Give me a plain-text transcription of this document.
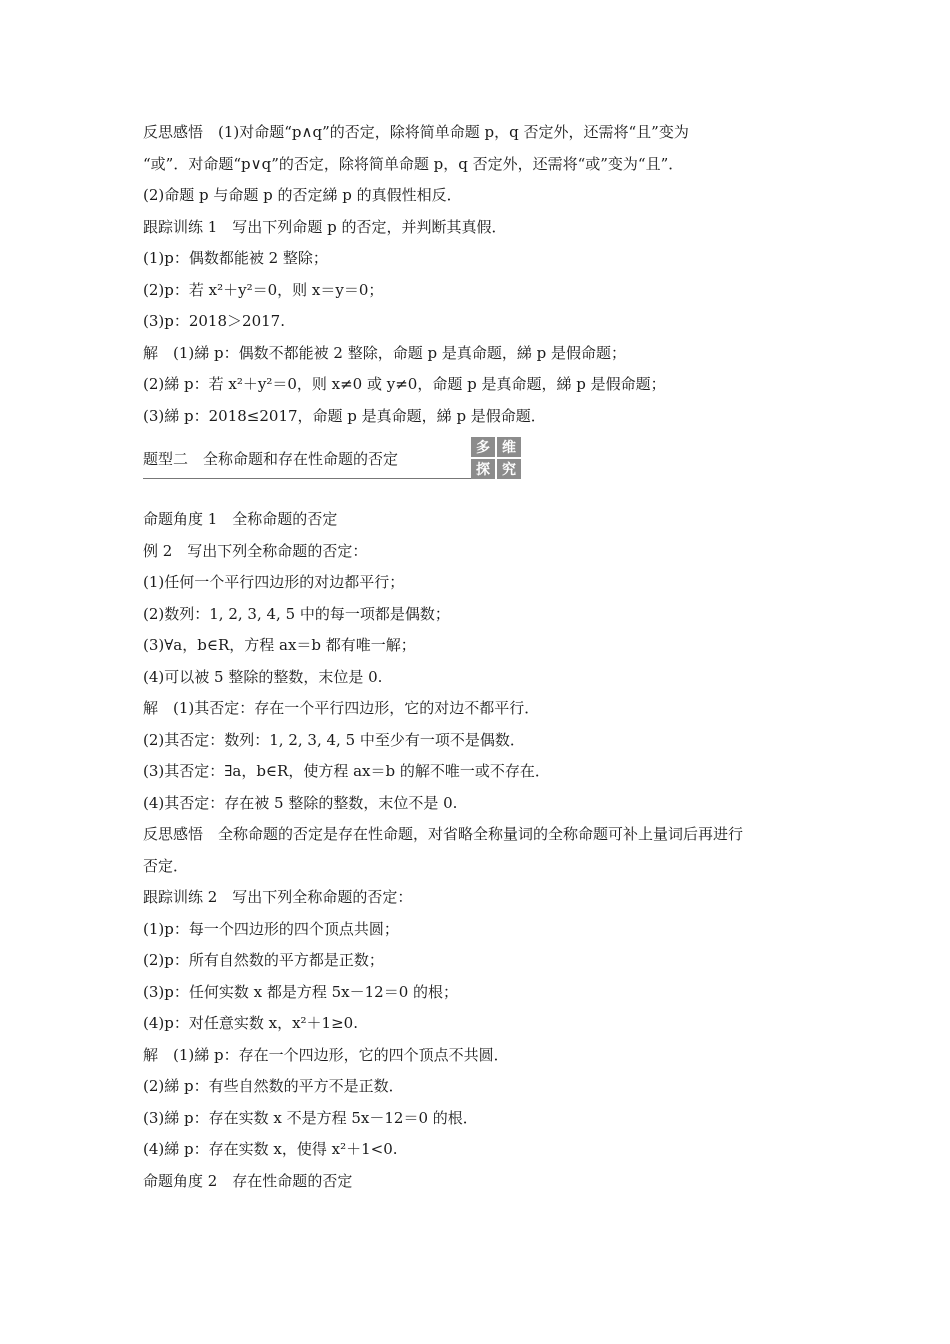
反思感悟　(1)对命题“p∧q”的否定，除将简单命题 p，q 否定外，还需将“且”变为
“或”．对命题“p∨q”的否定，除将简单命题 p，q 否定外，还需将“或”变为“且”．
(2)命题 p 与命题 p 的否定綈 p 的真假性相反．
跟踪训练 1　写出下列命题 p 的否定，并判断其真假．
(1)p：偶数都能被 2 整除；
(2)p：若 x²＋y²＝0，则 x＝y＝0；
(3)p：2018＞2017.
解　(1)綈 p：偶数不都能被 2 整除，命题 p 是真命题，綈 p 是假命题；
(2)綈 p：若 x²＋y²＝0，则 x≠0 或 y≠0，命题 p 是真命题，綈 p 是假命题；
(3)綈 p：2018≤2017，命题 p 是真命题，綈 p 是假命题．
题型二　全称命题和存在性命题的否定
多 维
探 究
命题角度 1　全称命题的否定
例 2　写出下列全称命题的否定：
(1)任何一个平行四边形的对边都平行；
(2)数列：1, 2, 3, 4, 5 中的每一项都是偶数；
(3)∀a，b∈R，方程 ax＝b 都有唯一解；
(4)可以被 5 整除的整数，末位是 0.
解　(1)其否定：存在一个平行四边形，它的对边不都平行．
(2)其否定：数列：1, 2, 3, 4, 5 中至少有一项不是偶数．
(3)其否定：∃a，b∈R，使方程 ax＝b 的解不唯一或不存在．
(4)其否定：存在被 5 整除的整数，末位不是 0.
反思感悟　全称命题的否定是存在性命题，对省略全称量词的全称命题可补上量词后再进行
否定．
跟踪训练 2　写出下列全称命题的否定：
(1)p：每一个四边形的四个顶点共圆；
(2)p：所有自然数的平方都是正数；
(3)p：任何实数 x 都是方程 5x－12＝0 的根；
(4)p：对任意实数 x，x²＋1≥0.
解　(1)綈 p：存在一个四边形，它的四个顶点不共圆．
(2)綈 p：有些自然数的平方不是正数．
(3)綈 p：存在实数 x 不是方程 5x－12＝0 的根．
(4)綈 p：存在实数 x，使得 x²＋1<0.
命题角度 2　存在性命题的否定
